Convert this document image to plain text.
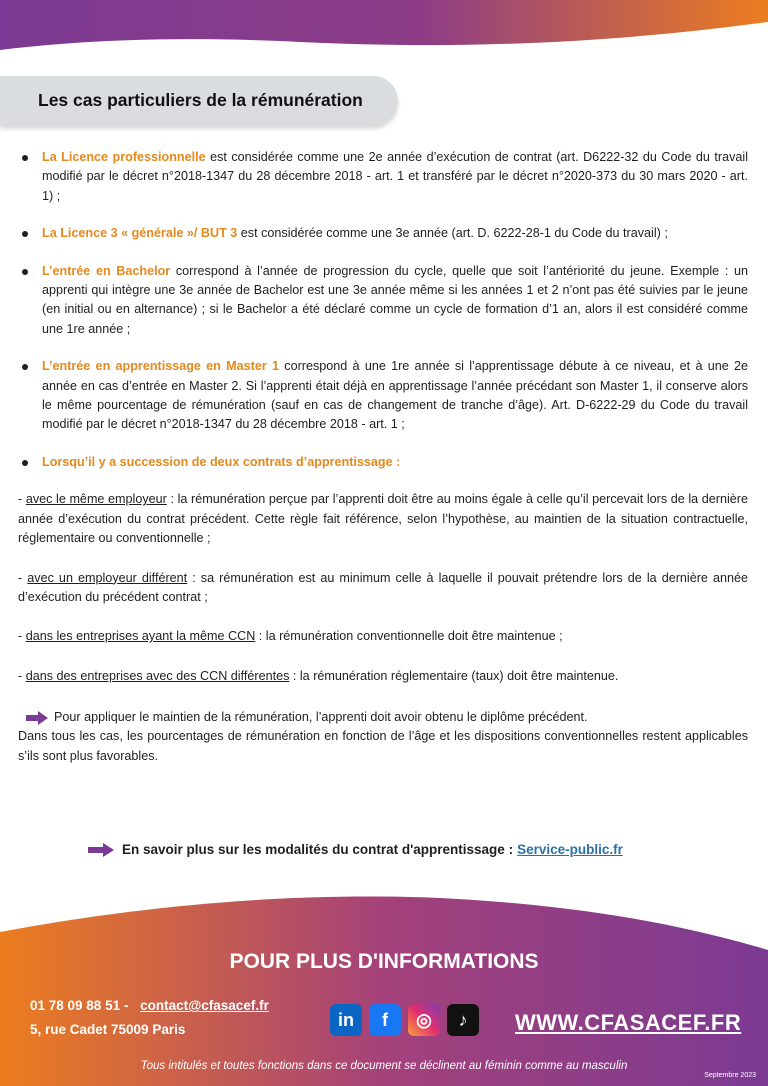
Les cas particuliers de la rémunération
La Licence professionnelle est considérée comme une 2e année d’exécution de contrat (art. D6222-32 du Code du travail modifié par le décret n°2018-1347 du 28 décembre 2018 - art. 1 et transféré par le décret n°2020-373 du 30 mars 2020 - art. 1) ;
La Licence 3 « générale »/ BUT 3 est considérée comme une 3e année (art. D. 6222-28-1 du Code du travail) ;
L’entrée en Bachelor correspond à l’année de progression du cycle, quelle que soit l’antériorité du jeune. Exemple : un apprenti qui intègre une 3e année de Bachelor est une 3e année même si les années 1 et 2 n’ont pas été suivies par le jeune (en initial ou en alternance) ; si le Bachelor a été déclaré comme un cycle de formation d’1 an, alors il est considéré comme une 1re année ;
L’entrée en apprentissage en Master 1 correspond à une 1re année si l’apprentissage débute à ce niveau, et à une 2e année en cas d’entrée en Master 2. Si l’apprenti était déjà en apprentissage l’année précédant son Master 1, il conserve alors le même pourcentage de rémunération (sauf en cas de changement de tranche d’âge). Art. D-6222-29 du Code du travail modifié par le décret n°2018-1347 du 28 décembre 2018 - art. 1 ;
Lorsqu’il y a succession de deux contrats d’apprentissage :

- avec le même employeur : la rémunération perçue par l’apprenti doit être au moins égale à celle qu’il percevait lors de la dernière année d’exécution du contrat précédent. Cette règle fait référence, selon l’hypothèse, au maintien de la situation contractuelle, réglementaire ou conventionnelle ;

- avec un employeur différent : sa rémunération est au minimum celle à laquelle il pouvait prétendre lors de la dernière année d’exécution du précédent contrat ;

- dans les entreprises ayant la même CCN : la rémunération conventionnelle doit être maintenue ;

- dans des entreprises avec des CCN différentes : la rémunération réglementaire (taux) doit être maintenue.

Pour appliquer le maintien de la rémunération, l’apprenti doit avoir obtenu le diplôme précédent.
Dans tous les cas, les pourcentages de rémunération en fonction de l’âge et les dispositions conventionnelles restent applicables s’ils sont plus favorables.
En savoir plus sur les modalités du contrat d'apprentissage : Service-public.fr
POUR PLUS D'INFORMATIONS
01 78 09 88 51 - contact@cfasacef.fr
5, rue Cadet 75009 Paris	in	f	◎	♪	WWW.CFASACEF.FR
Tous intitulés et toutes fonctions dans ce document se déclinent au féminin comme au masculin
Septembre 2023
